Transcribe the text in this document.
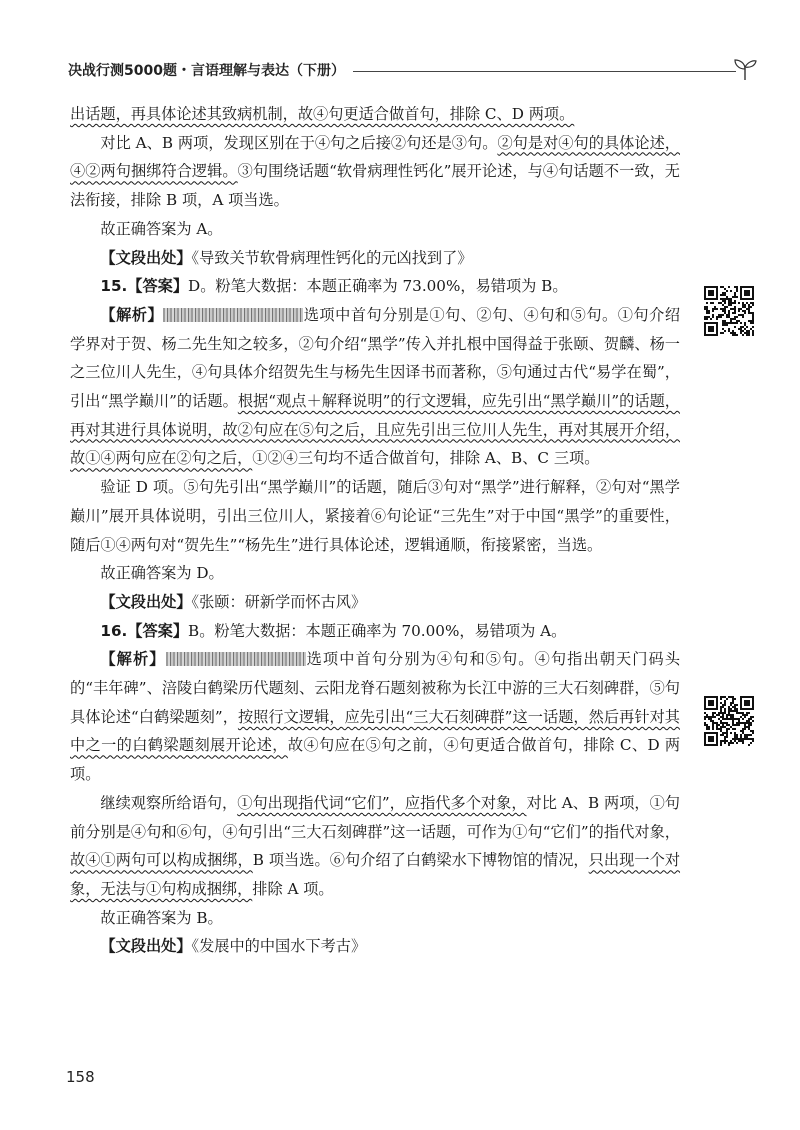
决战行测5000题・言语理解与表达（下册）

出话题，再具体论述其致病机制，故④句更适合做首句，排除 C、D 两项。

对比 A、B 两项，发现区别在于④句之后接②句还是③句。②句是对④句的具体论述，④②两句捆绑符合逻辑。③句围绕话题“软骨病理性钙化”展开论述，与④句话题不一致，无法衔接，排除 B 项，A 项当选。

故正确答案为 A。

【文段出处】《导致关节软骨病理性钙化的元凶找到了》

15.【答案】D。粉笔大数据：本题正确率为 73.00%，易错项为 B。

【解析】	选项中首句分别是①句、②句、④句和⑤句。①句介绍学界对于贺、杨二先生知之较多，②句介绍“黑学”传入并扎根中国得益于张颐、贺麟、杨一之三位川人先生，④句具体介绍贺先生与杨先生因译书而著称，⑤句通过古代“易学在蜀”，引出“黑学巅川”的话题。根据“观点＋解释说明”的行文逻辑，应先引出“黑学巅川”的话题，再对其进行具体说明，故②句应在⑤句之后，且应先引出三位川人先生，再对其展开介绍，故①④两句应在②句之后，①②④三句均不适合做首句，排除 A、B、C 三项。

验证 D 项。⑤句先引出“黑学巅川”的话题，随后③句对“黑学”进行解释，②句对“黑学巅川”展开具体说明，引出三位川人，紧接着⑥句论证“三先生”对于中国“黑学”的重要性，随后①④两句对“贺先生”“杨先生”进行具体论述，逻辑通顺，衔接紧密，当选。

故正确答案为 D。

【文段出处】《张颐：研新学而怀古风》

16.【答案】B。粉笔大数据：本题正确率为 70.00%，易错项为 A。

【解析】	选项中首句分别为④句和⑤句。④句指出朝天门码头的“丰年碑”、涪陵白鹤梁历代题刻、云阳龙脊石题刻被称为长江中游的三大石刻碑群，⑤句具体论述“白鹤梁题刻”，按照行文逻辑，应先引出“三大石刻碑群”这一话题，然后再针对其中之一的白鹤梁题刻展开论述，故④句应在⑤句之前，④句更适合做首句，排除 C、D 两项。

继续观察所给语句，①句出现指代词“它们”，应指代多个对象，对比 A、B 两项，①句前分别是④句和⑥句，④句引出“三大石刻碑群”这一话题，可作为①句“它们”的指代对象，故④①两句可以构成捆绑，B 项当选。⑥句介绍了白鹤梁水下博物馆的情况，只出现一个对象，无法与①句构成捆绑，排除 A 项。

故正确答案为 B。

【文段出处】《发展中的中国水下考古》

158
